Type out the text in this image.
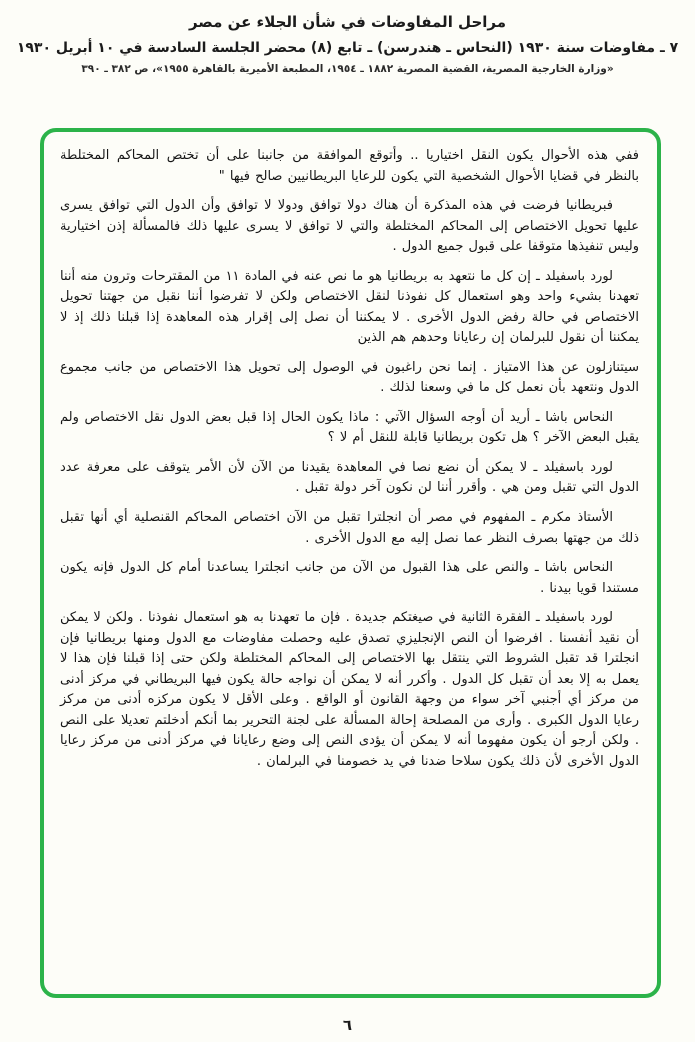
مراحل المفاوضات في شأن الجلاء عن مصر
٧ ـ مفاوضات سنة ١٩٣٠ (النحاس ـ هندرسن) ـ تابع (٨) محضر الجلسة السادسة في ١٠ أبريل ١٩٣٠
«وزارة الخارجية المصرية، القضية المصرية ١٨٨٢ ـ ١٩٥٤، المطبعة الأميرية بالقاهرة ١٩٥٥»، ص ٣٨٢ ـ ٣٩٠

ففي هذه الأحوال يكون النقل اختياريا .. وأتوقع الموافقة من جانبنا على أن تختص المحاكم المختلطة بالنظر في قضايا الأحوال الشخصية التي يكون للرعايا البريطانيين صالح فيها "

فبريطانيا فرضت في هذه المذكرة أن هناك دولا توافق ودولا لا توافق وأن الدول التي توافق يسرى عليها تحويل الاختصاص إلى المحاكم المختلطة والتي لا توافق لا يسرى عليها ذلك فالمسألة إذن اختيارية وليس تنفيذها متوقفا على قبول جميع الدول .

لورد باسفيلد ـ إن كل ما نتعهد به بريطانيا هو ما نص عنه في المادة ١١ من المقترحات وترون منه أننا تعهدنا بشيء واحد وهو استعمال كل نفوذنا لنقل الاختصاص ولكن لا تفرضوا أننا نقبل من جهتنا تحويل الاختصاص في حالة رفض الدول الأخرى . لا يمكننا أن نصل إلى إقرار هذه المعاهدة إذا قبلنا ذلك إذ لا يمكننا أن نقول للبرلمان إن رعايانا وحدهم هم الذين

سيتنازلون عن هذا الامتياز . إنما نحن راغبون في الوصول إلى تحويل هذا الاختصاص من جانب مجموع الدول ونتعهد بأن نعمل كل ما في وسعنا لذلك .

النحاس باشا ـ أريد أن أوجه السؤال الآتي : ماذا يكون الحال إذا قبل بعض الدول نقل الاختصاص ولم يقبل البعض الآخر ؟ هل تكون بريطانيا قابلة للنقل أم لا ؟

لورد باسفيلد ـ لا يمكن أن نضع نصا في المعاهدة يقيدنا من الآن لأن الأمر يتوقف على معرفة عدد الدول التي تقبل ومن هي . وأقرر أننا لن نكون آخر دولة تقبل .

الأستاذ مكرم ـ المفهوم في مصر أن انجلترا تقبل من الآن اختصاص المحاكم القنصلية أي أنها تقبل ذلك من جهتها بصرف النظر عما نصل إليه مع الدول الأخرى .

النحاس باشا ـ والنص على هذا القبول من الآن من جانب انجلترا يساعدنا أمام كل الدول فإنه يكون مستندا قويا بيدنا .

لورد باسفيلد ـ الفقرة الثانية في صيغتكم جديدة . فإن ما تعهدنا به هو استعمال نفوذنا . ولكن لا يمكن أن نقيد أنفسنا . افرضوا أن النص الإنجليزي تصدق عليه وحصلت مفاوضات مع الدول ومنها بريطانيا فإن انجلترا قد تقبل الشروط التي ينتقل بها الاختصاص إلى المحاكم المختلطة ولكن حتى إذا قبلنا فإن هذا لا يعمل به إلا بعد أن تقبل كل الدول . وأكرر أنه لا يمكن أن نواجه حالة يكون فيها البريطاني في مركز أدنى من مركز أي أجنبي آخر سواء من وجهة القانون أو الواقع . وعلى الأقل لا يكون مركزه أدنى من مركز رعايا الدول الكبرى . وأرى من المصلحة إحالة المسألة على لجنة التحرير بما أنكم أدخلتم تعديلا على النص . ولكن أرجو أن يكون مفهوما أنه لا يمكن أن يؤدى النص إلى وضع رعايانا في مركز أدنى من مركز رعايا الدول الأخرى لأن ذلك يكون سلاحا ضدنا في يد خصومنا في البرلمان .

٦
